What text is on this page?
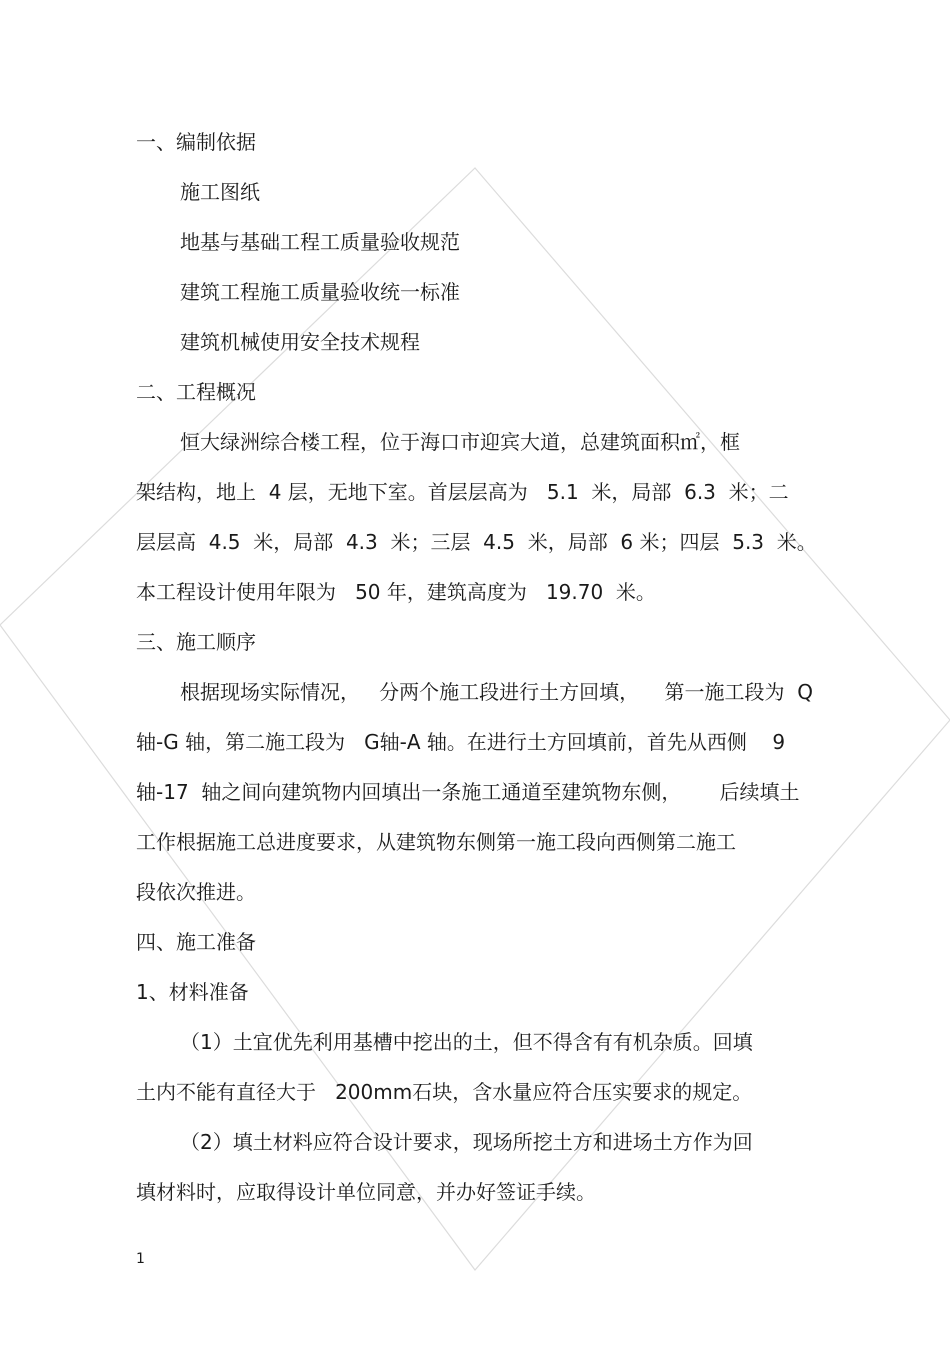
一、编制依据
施工图纸
地基与基础工程工质量验收规范
建筑工程施工质量验收统一标准
建筑机械使用安全技术规程
二、工程概况
恒大绿洲综合楼工程，位于海口市迎宾大道，总建筑面积㎡，框
架结构，地上  4 层，无地下室。首层层高为   5.1  米，局部  6.3  米；二
层层高  4.5  米，局部  4.3  米；三层  4.5  米，局部  6 米；四层  5.3  米。
本工程设计使用年限为   50 年，建筑高度为   19.70  米。
三、施工顺序
根据现场实际情况，   分两个施工段进行土方回填，    第一施工段为  Q
轴-G 轴，第二施工段为   G轴-A 轴。在进行土方回填前，首先从西侧    9
轴-17  轴之间向建筑物内回填出一条施工通道至建筑物东侧，      后续填土
工作根据施工总进度要求，从建筑物东侧第一施工段向西侧第二施工
段依次推进。
四、施工准备
1、材料准备
（1）土宜优先利用基槽中挖出的土，但不得含有有机杂质。回填
土内不能有直径大于   200mm石块，含水量应符合压实要求的规定。
（2）填土材料应符合设计要求，现场所挖土方和进场土方作为回
填材料时，应取得设计单位同意，并办好签证手续。
1
